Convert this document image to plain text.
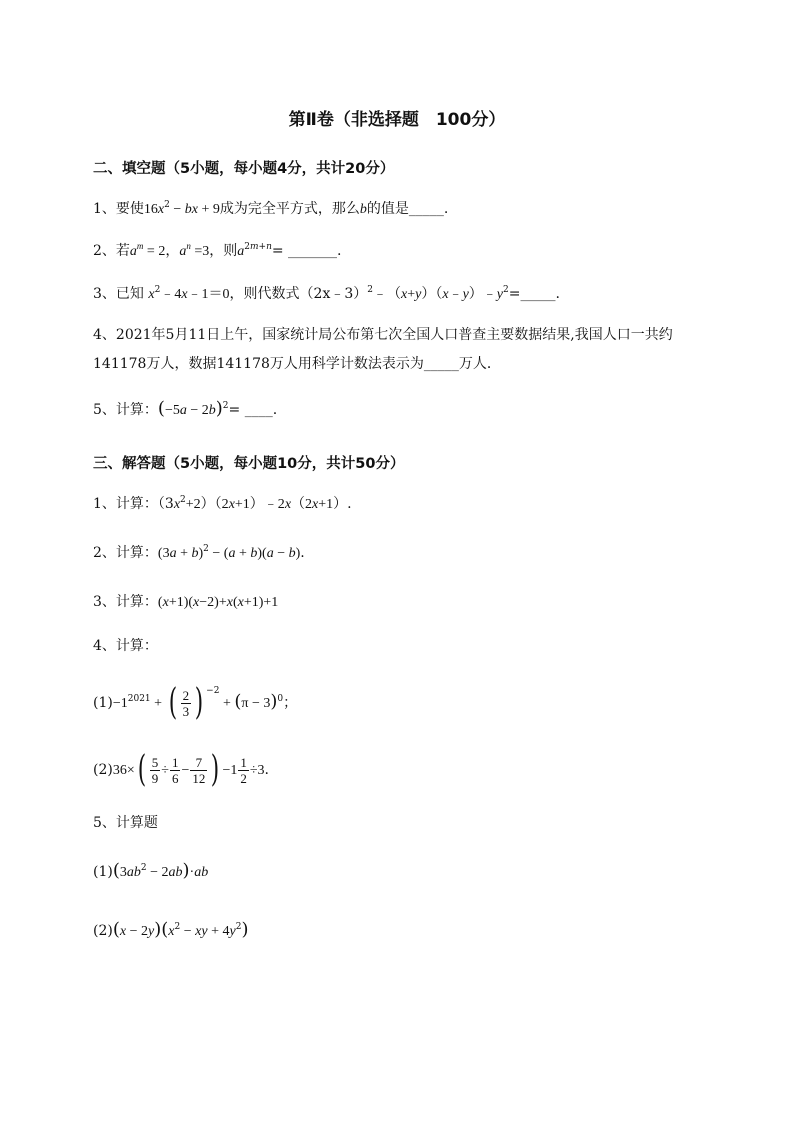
第Ⅱ卷（非选择题　100分）
二、填空题（5小题，每小题4分，共计20分）
1、要使$16x^2$ − bx + 9成为完全平方式，那么b的值是_____.
2、若$a^m = 2$，$a^n =3$，则$a^{2m+n}=$ _______.
3、已知 $x^2﹣4x﹣1=0$，则代数式$(2x﹣3)^2﹣(x+y)(x﹣y)﹣y^2=\_\_\_\_\_$.
4、2021年5月11日上午，国家统计局公布第七次全国人口普查主要数据结果,我国人口一共约
141178万人，数据141178万人用科学计数法表示为_____万人．
5、计算：$(-5a - 2b)^2=$ ____.
三、解答题（5小题，每小题10分，共计50分）
1、计算：$(3x^2+2)(2x+1)﹣2x(2x+1)$.
2、计算：$(3a + b)^2 - (a + b)(a - b)$.
3、计算：(x+1)(x−2)+x(x+1)+1
4、计算：
$(1)-1^{2021}$ + ( $\frac{2}{3}$ ) $^{-2} + (\pi - 3)^0$；
$(2)36\times( \frac{5}{9} \div \frac{1}{6} - \frac{7}{12}$ ) $-1 \frac{1}{2} \div 3$.
5、计算题
$(1)(3ab^2 - 2ab)\cdot ab$
$(2)(x - 2y)(x^2$ − xy + $4y^2$)
